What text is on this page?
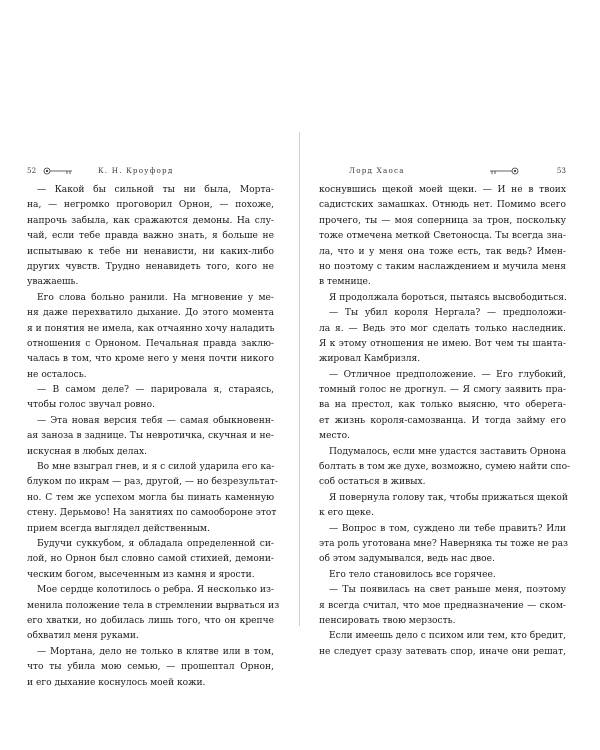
52	К. Н. Кроуфорд
— Какой бы сильной ты ни была, Морта-
на, — негромко проговорил Орнон, — похоже,
напрочь забыла, как сражаются демоны. На слу-
чай, если тебе правда важно знать, я больше не
испытываю к тебе ни ненависти, ни каких-либо
других чувств. Трудно ненавидеть того, кого не
уважаешь.
Его слова больно ранили. На мгновение у ме-
ня даже перехватило дыхание. До этого момента
я и понятия не имела, как отчаянно хочу наладить
отношения с Орноном. Печальная правда заклю-
чалась в том, что кроме него у меня почти никого
не осталось.
— В самом деле? — парировала я, стараясь,
чтобы голос звучал ровно.
— Эта новая версия тебя — самая обыкновенн-
ая заноза в заднице. Ты невротичка, скучная и не-
искусная в любых делах.
Во мне взыграл гнев, и я с силой ударила его ка-
блуком по икрам — раз, другой, — но безрезультат-
но. С тем же успехом могла бы пинать каменную
стену. Дерьмово! На занятиях по самообороне этот
прием всегда выглядел действенным.
Будучи суккубом, я обладала определенной си-
лой, но Орнон был словно самой стихией, демони-
ческим богом, высеченным из камня и ярости.
Мое сердце колотилось о ребра. Я несколько из-
менила положение тела в стремлении вырваться из
его хватки, но добилась лишь того, что он крепче
обхватил меня руками.
— Мортана, дело не только в клятве или в том,
что ты убила мою семью, — прошептал Орнон,
и его дыхание коснулось моей кожи.
Лорд Хаоса	53
коснувшись щекой моей щеки. — И не в твоих
садистских замашках. Отнюдь нет. Помимо всего
прочего, ты — моя соперница за трон, поскольку
тоже отмечена меткой Светоносца. Ты всегда зна-
ла, что и у меня она тоже есть, так ведь? Имен-
но поэтому с таким наслаждением и мучила меня
в темнице.
Я продолжала бороться, пытаясь высвободиться.
— Ты убил короля Нергала? — предположи-
ла я. — Ведь это мог сделать только наследник.
Я к этому отношения не имею. Вот чем ты шанта-
жировал Камбризля.
— Отличное предположение. — Его глубокий,
томный голос не дрогнул. — Я смогу заявить пра-
ва на престол, как только выясню, что оберега-
ет жизнь короля-самозванца. И тогда займу его
место.
Подумалось, если мне удастся заставить Орнона
болтать в том же духе, возможно, сумею найти спо-
соб остаться в живых.
Я повернула голову так, чтобы прижаться щекой
к его щеке.
— Вопрос в том, суждено ли тебе править? Или
эта роль уготована мне? Наверняка ты тоже не раз
об этом задумывался, ведь нас двое.
Его тело становилось все горячее.
— Ты появилась на свет раньше меня, поэтому
я всегда считал, что мое предназначение — ском-
пенсировать твою мерзость.
Если имеешь дело с психом или тем, кто бредит,
не следует сразу затевать спор, иначе они решат,
